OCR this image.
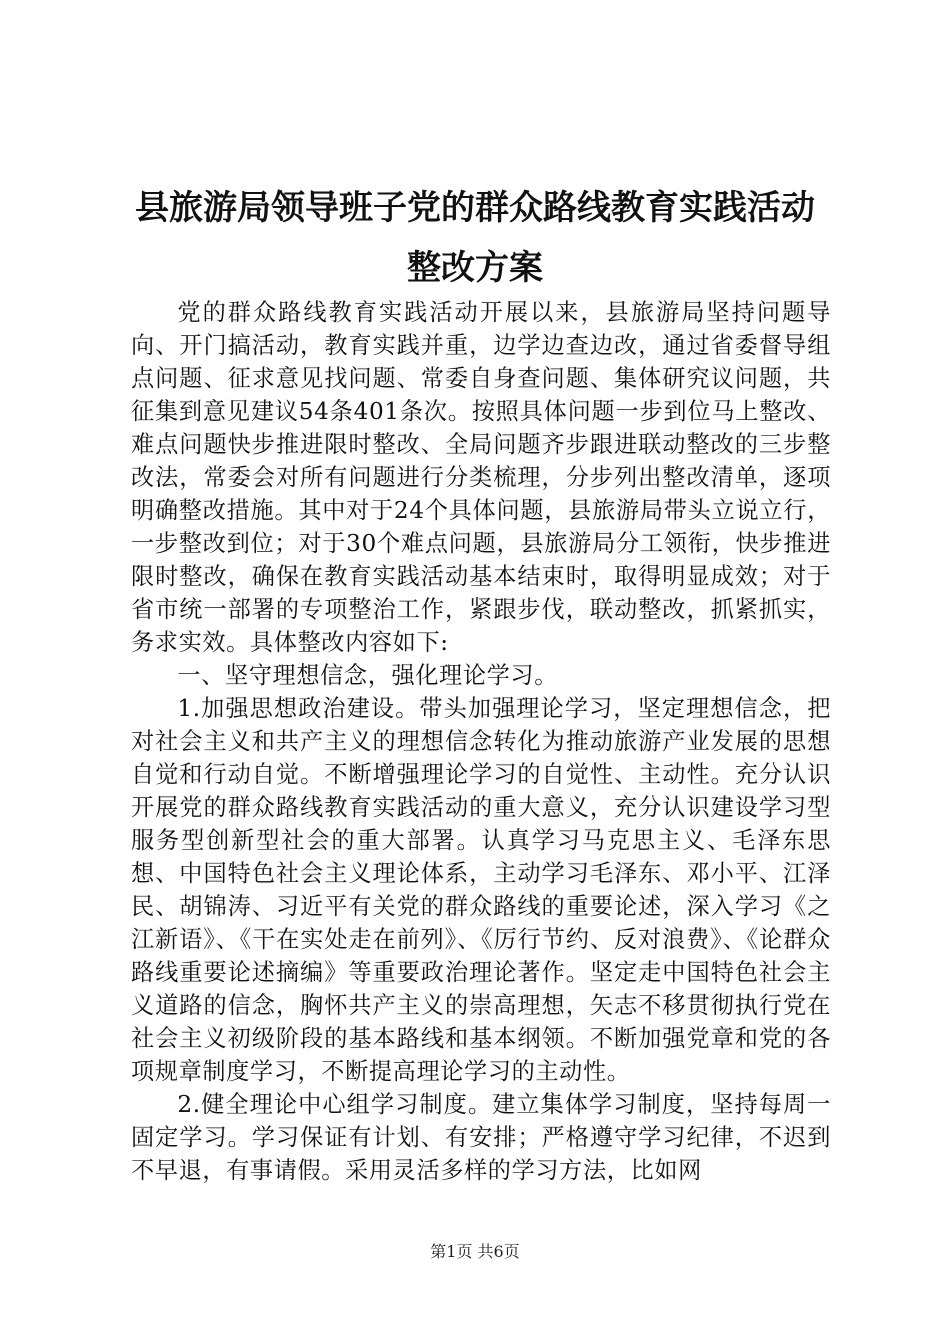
县旅游局领导班子党的群众路线教育实践活动
整改方案

党的群众路线教育实践活动开展以来，县旅游局坚持问题导向、开门搞活动，教育实践并重，边学边查边改，通过省委督导组点问题、征求意见找问题、常委自身查问题、集体研究议问题，共征集到意见建议54条401条次。按照具体问题一步到位马上整改、难点问题快步推进限时整改、全局问题齐步跟进联动整改的三步整改法，常委会对所有问题进行分类梳理，分步列出整改清单，逐项明确整改措施。其中对于24个具体问题，县旅游局带头立说立行，一步整改到位；对于30个难点问题，县旅游局分工领衔，快步推进限时整改，确保在教育实践活动基本结束时，取得明显成效；对于省市统一部署的专项整治工作，紧跟步伐，联动整改，抓紧抓实，务求实效。具体整改内容如下:

一、坚守理想信念，强化理论学习。

1.加强思想政治建设。带头加强理论学习，坚定理想信念，把对社会主义和共产主义的理想信念转化为推动旅游产业发展的思想自觉和行动自觉。不断增强理论学习的自觉性、主动性。充分认识开展党的群众路线教育实践活动的重大意义，充分认识建设学习型服务型创新型社会的重大部署。认真学习马克思主义、毛泽东思想、中国特色社会主义理论体系，主动学习毛泽东、邓小平、江泽民、胡锦涛、习近平有关党的群众路线的重要论述，深入学习《之江新语》、《干在实处走在前列》、《厉行节约、反对浪费》、《论群众路线重要论述摘编》等重要政治理论著作。坚定走中国特色社会主义道路的信念，胸怀共产主义的崇高理想，矢志不移贯彻执行党在社会主义初级阶段的基本路线和基本纲领。不断加强党章和党的各项规章制度学习，不断提高理论学习的主动性。

2.健全理论中心组学习制度。建立集体学习制度，坚持每周一固定学习。学习保证有计划、有安排；严格遵守学习纪律，不迟到不早退，有事请假。采用灵活多样的学习方法，比如网

第1页 共6页
